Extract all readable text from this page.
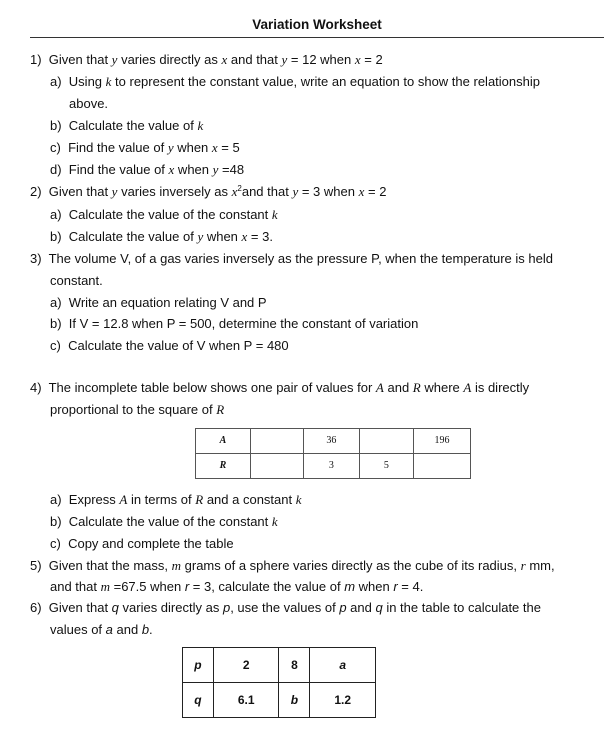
Variation Worksheet
1) Given that y varies directly as x and that y = 12 when x = 2
a) Using k to represent the constant value, write an equation to show the relationship
above.
b) Calculate the value of k
c) Find the value of y when x = 5
d) Find the value of x when y =48
2) Given that y varies inversely as $x^2and$ that y = 3 when x = 2
a) Calculate the value of the constant k
b) Calculate the value of y when x = 3.
3) The volume V, of a gas varies inversely as the pressure P, when the temperature is held
constant.
a) Write an equation relating V and P
b) If V = 12.8 when P = 500, determine the constant of variation
c) Calculate the value of V when P = 480
4) The incomplete table below shows one pair of values for A and R where A is directly
proportional to the square of R
A		36		196
R		3	5	
a) Express A in terms of R and a constant k
b) Calculate the value of the constant k
c) Copy and complete the table
5) Given that the mass, m grams of a sphere varies directly as the cube of its radius, r mm,
and that m =67.5 when r = 3, calculate the value of m when r = 4.
6) Given that q varies directly as p, use the values of p and q in the table to calculate the
values of a and b.
p	2	8	a
q	6.1	b	1.2
